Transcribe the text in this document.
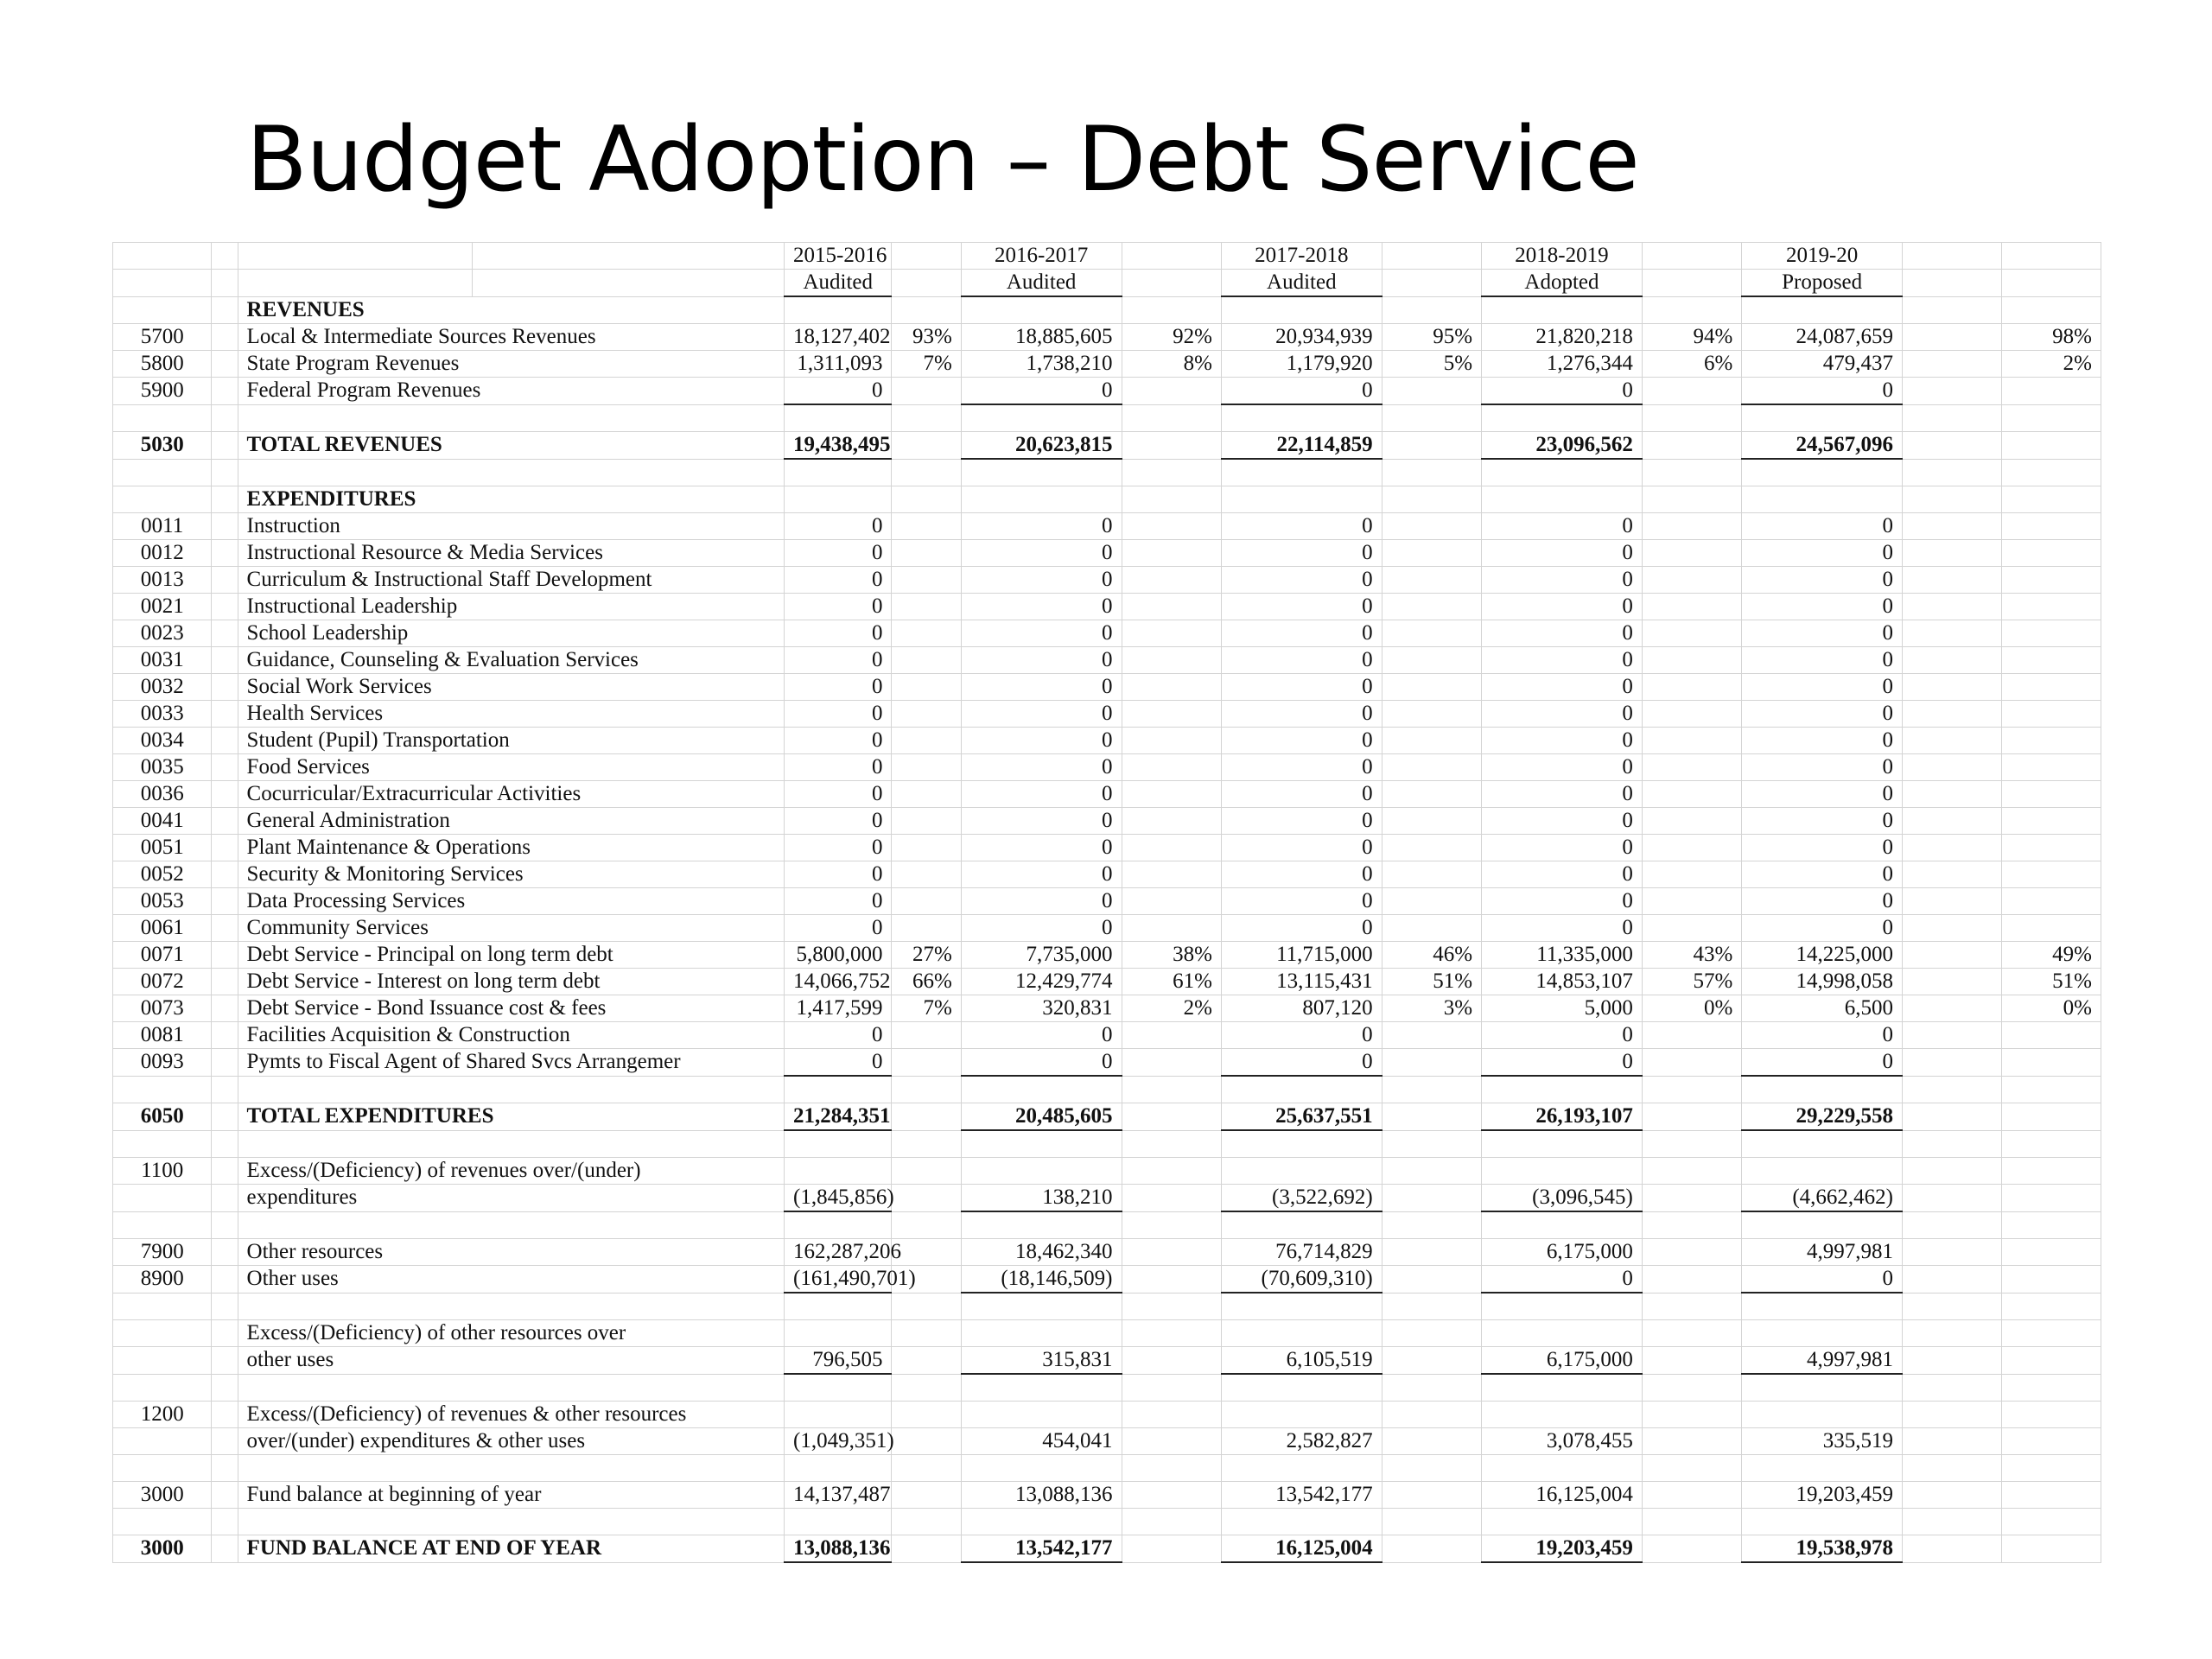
Budget Adoption – Debt Service
				2015-2016		2016-2017		2017-2018		2018-2019		2019-20		
				Audited		Audited		Audited		Adopted		Proposed		
		REVENUES												
5700		Local & Intermediate Sources Revenues		18,127,402	93%	18,885,605	92%	20,934,939	95%	21,820,218	94%	24,087,659		98%
5800		State Program Revenues		1,311,093	7%	1,738,210	8%	1,179,920	5%	1,276,344	6%	479,437		2%
5900		Federal Program Revenues		0		0		0		0		0		

5030		TOTAL REVENUES		19,438,495		20,623,815		22,114,859		23,096,562		24,567,096		

		EXPENDITURES												
0011		Instruction		0		0		0		0		0		
0012		Instructional Resource & Media Services		0		0		0		0		0		
0013		Curriculum & Instructional Staff Development		0		0		0		0		0		
0021		Instructional Leadership		0		0		0		0		0		
0023		School Leadership		0		0		0		0		0		
0031		Guidance, Counseling & Evaluation Services		0		0		0		0		0		
0032		Social Work Services		0		0		0		0		0		
0033		Health Services		0		0		0		0		0		
0034		Student (Pupil) Transportation		0		0		0		0		0		
0035		Food Services		0		0		0		0		0		
0036		Cocurricular/Extracurricular Activities		0		0		0		0		0		
0041		General Administration		0		0		0		0		0		
0051		Plant Maintenance & Operations		0		0		0		0		0		
0052		Security & Monitoring Services		0		0		0		0		0		
0053		Data Processing Services		0		0		0		0		0		
0061		Community Services		0		0		0		0		0		
0071		Debt Service - Principal on long term debt		5,800,000	27%	7,735,000	38%	11,715,000	46%	11,335,000	43%	14,225,000		49%
0072		Debt Service - Interest on long term debt		14,066,752	66%	12,429,774	61%	13,115,431	51%	14,853,107	57%	14,998,058		51%
0073		Debt Service - Bond Issuance cost & fees		1,417,599	7%	320,831	2%	807,120	3%	5,000	0%	6,500		0%
0081		Facilities Acquisition & Construction		0		0		0		0		0		
0093		Pymts to Fiscal Agent of Shared Svcs Arrangemer		0		0		0		0		0		

6050		TOTAL EXPENDITURES		21,284,351		20,485,605		25,637,551		26,193,107		29,229,558		

1100		Excess/(Deficiency) of revenues over/(under)												
		expenditures		(1,845,856)		138,210		(3,522,692)		(3,096,545)		(4,662,462)		

7900		Other resources		162,287,206		18,462,340		76,714,829		6,175,000		4,997,981		
8900		Other uses		(161,490,701)		(18,146,509)		(70,609,310)		0		0		

		Excess/(Deficiency) of other resources over												
		other uses		796,505		315,831		6,105,519		6,175,000		4,997,981		

1200		Excess/(Deficiency) of revenues & other resources												
		over/(under) expenditures & other uses		(1,049,351)		454,041		2,582,827		3,078,455		335,519		

3000		Fund balance at beginning of year		14,137,487		13,088,136		13,542,177		16,125,004		19,203,459		

3000		FUND BALANCE AT END OF YEAR		13,088,136		13,542,177		16,125,004		19,203,459		19,538,978		
